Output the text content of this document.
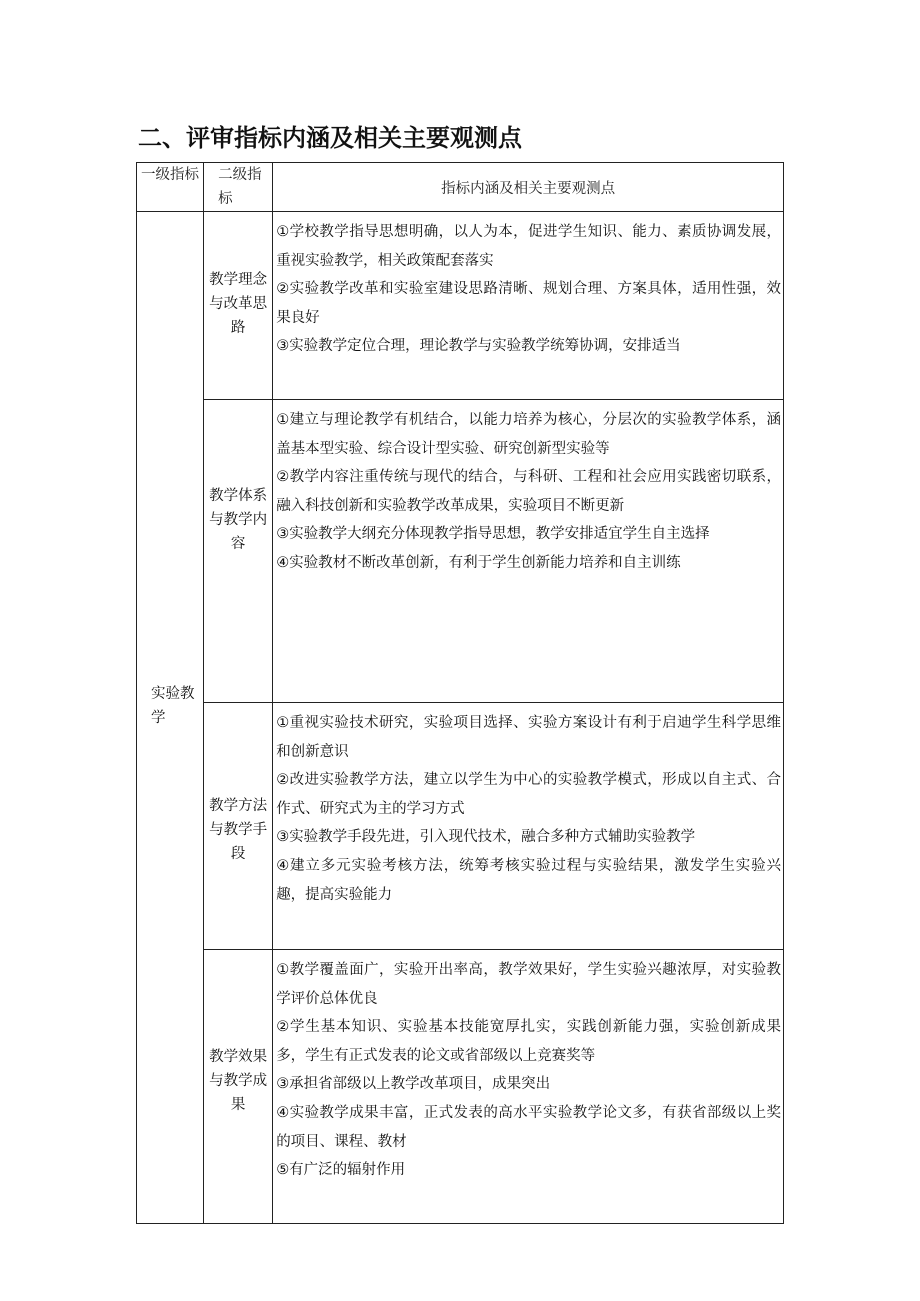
二、评审指标内涵及相关主要观测点
一级指标	二级指标	指标内涵及相关主要观测点

实验教学	教学理念与改革思路	①学校教学指导思想明确，以人为本，促进学生知识、能力、素质协调发展，重视实验教学，相关政策配套落实
②实验教学改革和实验室建设思路清晰、规划合理、方案具体，适用性强，效果良好
③实验教学定位合理，理论教学与实验教学统筹协调，安排适当

	教学体系与教学内容	①建立与理论教学有机结合，以能力培养为核心，分层次的实验教学体系，涵盖基本型实验、综合设计型实验、研究创新型实验等
②教学内容注重传统与现代的结合，与科研、工程和社会应用实践密切联系，融入科技创新和实验教学改革成果，实验项目不断更新
③实验教学大纲充分体现教学指导思想，教学安排适宜学生自主选择
④实验教材不断改革创新，有利于学生创新能力培养和自主训练

	教学方法与教学手段	①重视实验技术研究，实验项目选择、实验方案设计有利于启迪学生科学思维和创新意识
②改进实验教学方法，建立以学生为中心的实验教学模式，形成以自主式、合作式、研究式为主的学习方式
③实验教学手段先进，引入现代技术，融合多种方式辅助实验教学
④建立多元实验考核方法，统筹考核实验过程与实验结果，激发学生实验兴趣，提高实验能力

	教学效果与教学成果	①教学覆盖面广，实验开出率高，教学效果好，学生实验兴趣浓厚，对实验教学评价总体优良
②学生基本知识、实验基本技能宽厚扎实，实践创新能力强，实验创新成果多，学生有正式发表的论文或省部级以上竞赛奖等
③承担省部级以上教学改革项目，成果突出
④实验教学成果丰富，正式发表的高水平实验教学论文多，有获省部级以上奖的项目、课程、教材
⑤有广泛的辐射作用
